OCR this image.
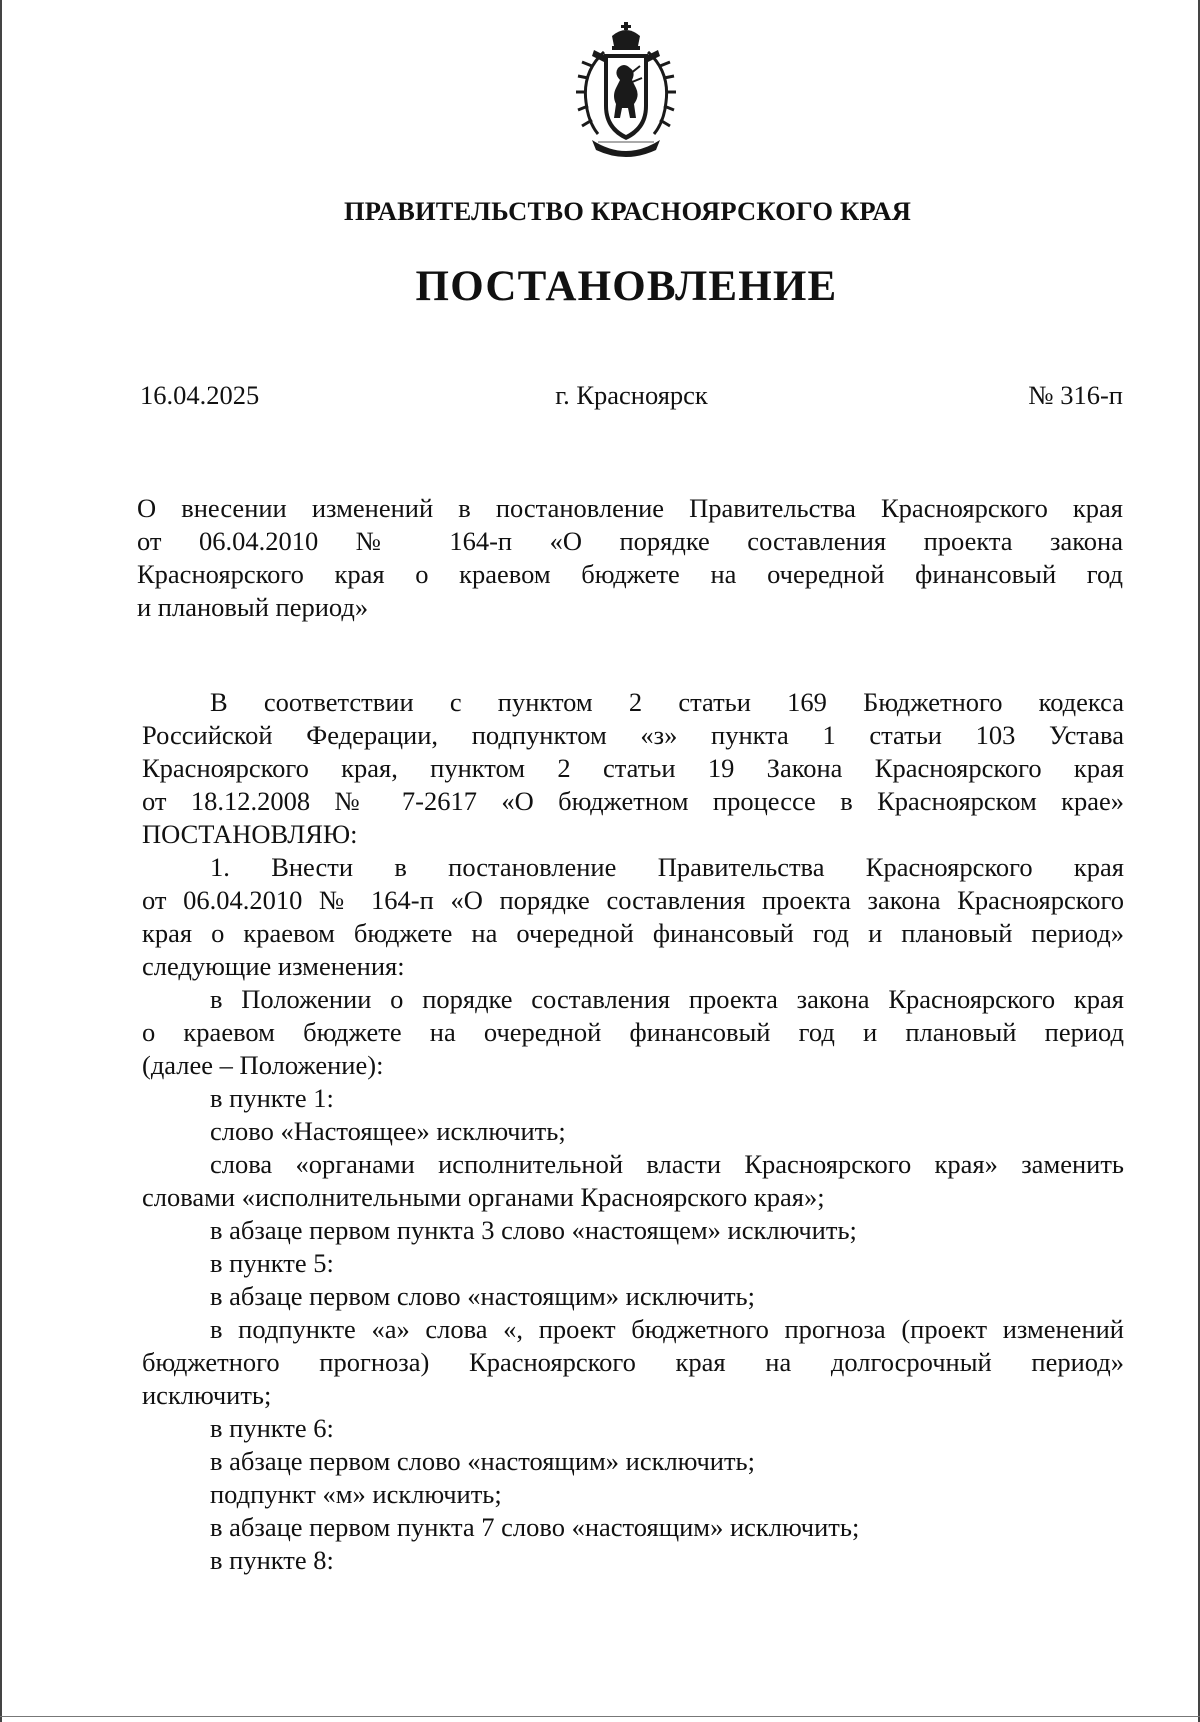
ПРАВИТЕЛЬСТВО КРАСНОЯРСКОГО КРАЯ
ПОСТАНОВЛЕНИЕ
16.04.2025	г. Красноярск	№ 316-п
О внесении изменений в постановление Правительства Красноярского края
от 06.04.2010 № 164-п «О порядке составления проекта закона
Красноярского края о краевом бюджете на очередной финансовый год
и плановый период»
В соответствии с пунктом 2 статьи 169 Бюджетного кодекса
Российской Федерации, подпунктом «з» пункта 1 статьи 103 Устава
Красноярского края, пунктом 2 статьи 19 Закона Красноярского края
от 18.12.2008 № 7-2617 «О бюджетном процессе в Красноярском крае»
ПОСТАНОВЛЯЮ:
1. Внести в постановление Правительства Красноярского края
от 06.04.2010 № 164-п «О порядке составления проекта закона Красноярского
края о краевом бюджете на очередной финансовый год и плановый период»
следующие изменения:
в Положении о порядке составления проекта закона Красноярского края
о краевом бюджете на очередной финансовый год и плановый период
(далее – Положение):
в пункте 1:
слово «Настоящее» исключить;
слова «органами исполнительной власти Красноярского края» заменить
словами «исполнительными органами Красноярского края»;
в абзаце первом пункта 3 слово «настоящем» исключить;
в пункте 5:
в абзаце первом слово «настоящим» исключить;
в подпункте «а» слова «, проект бюджетного прогноза (проект изменений
бюджетного прогноза) Красноярского края на долгосрочный период»
исключить;
в пункте 6:
в абзаце первом слово «настоящим» исключить;
подпункт «м» исключить;
в абзаце первом пункта 7 слово «настоящим» исключить;
в пункте 8:
